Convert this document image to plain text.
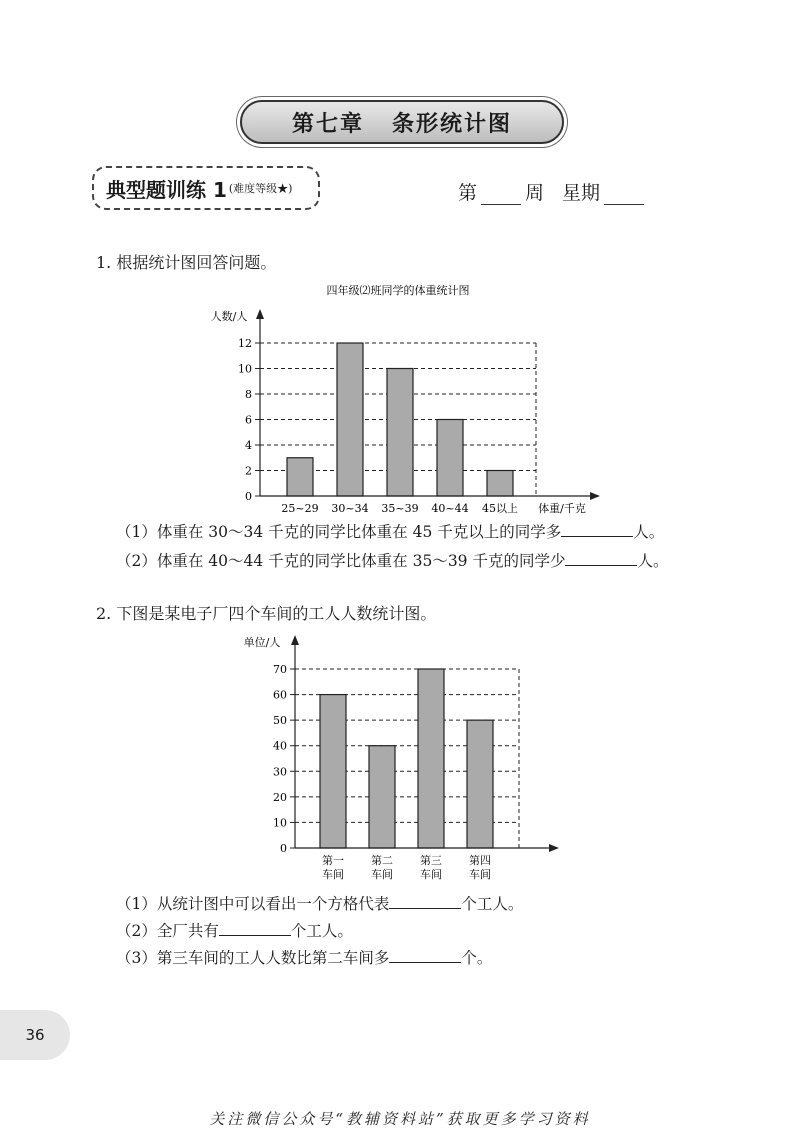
第七章 条形统计图
典型题训练 1 (难度等级★)	第	周 星期
1. 根据统计图回答问题。
四年级⑵班同学的体重统计图
人数/人
0
2
4
6
8
10
12
25~29 30~34 35~39 40~44 45以上 体重/千克
（1）体重在 30～34 千克的同学比体重在 45 千克以上的同学多	人。
（2）体重在 40～44 千克的同学比体重在 35～39 千克的同学少	人。
2. 下图是某电子厂四个车间的工人人数统计图。
单位/人
0
10
20
30
40
50
60
70
第一
车间
第二
车间
第三
车间
第四
车间
（1）从统计图中可以看出一个方格代表	个工人。
（2）全厂共有	个工人。
（3）第三车间的工人人数比第二车间多	个。
36
关注微信公众号“教辅资料站”获取更多学习资料
